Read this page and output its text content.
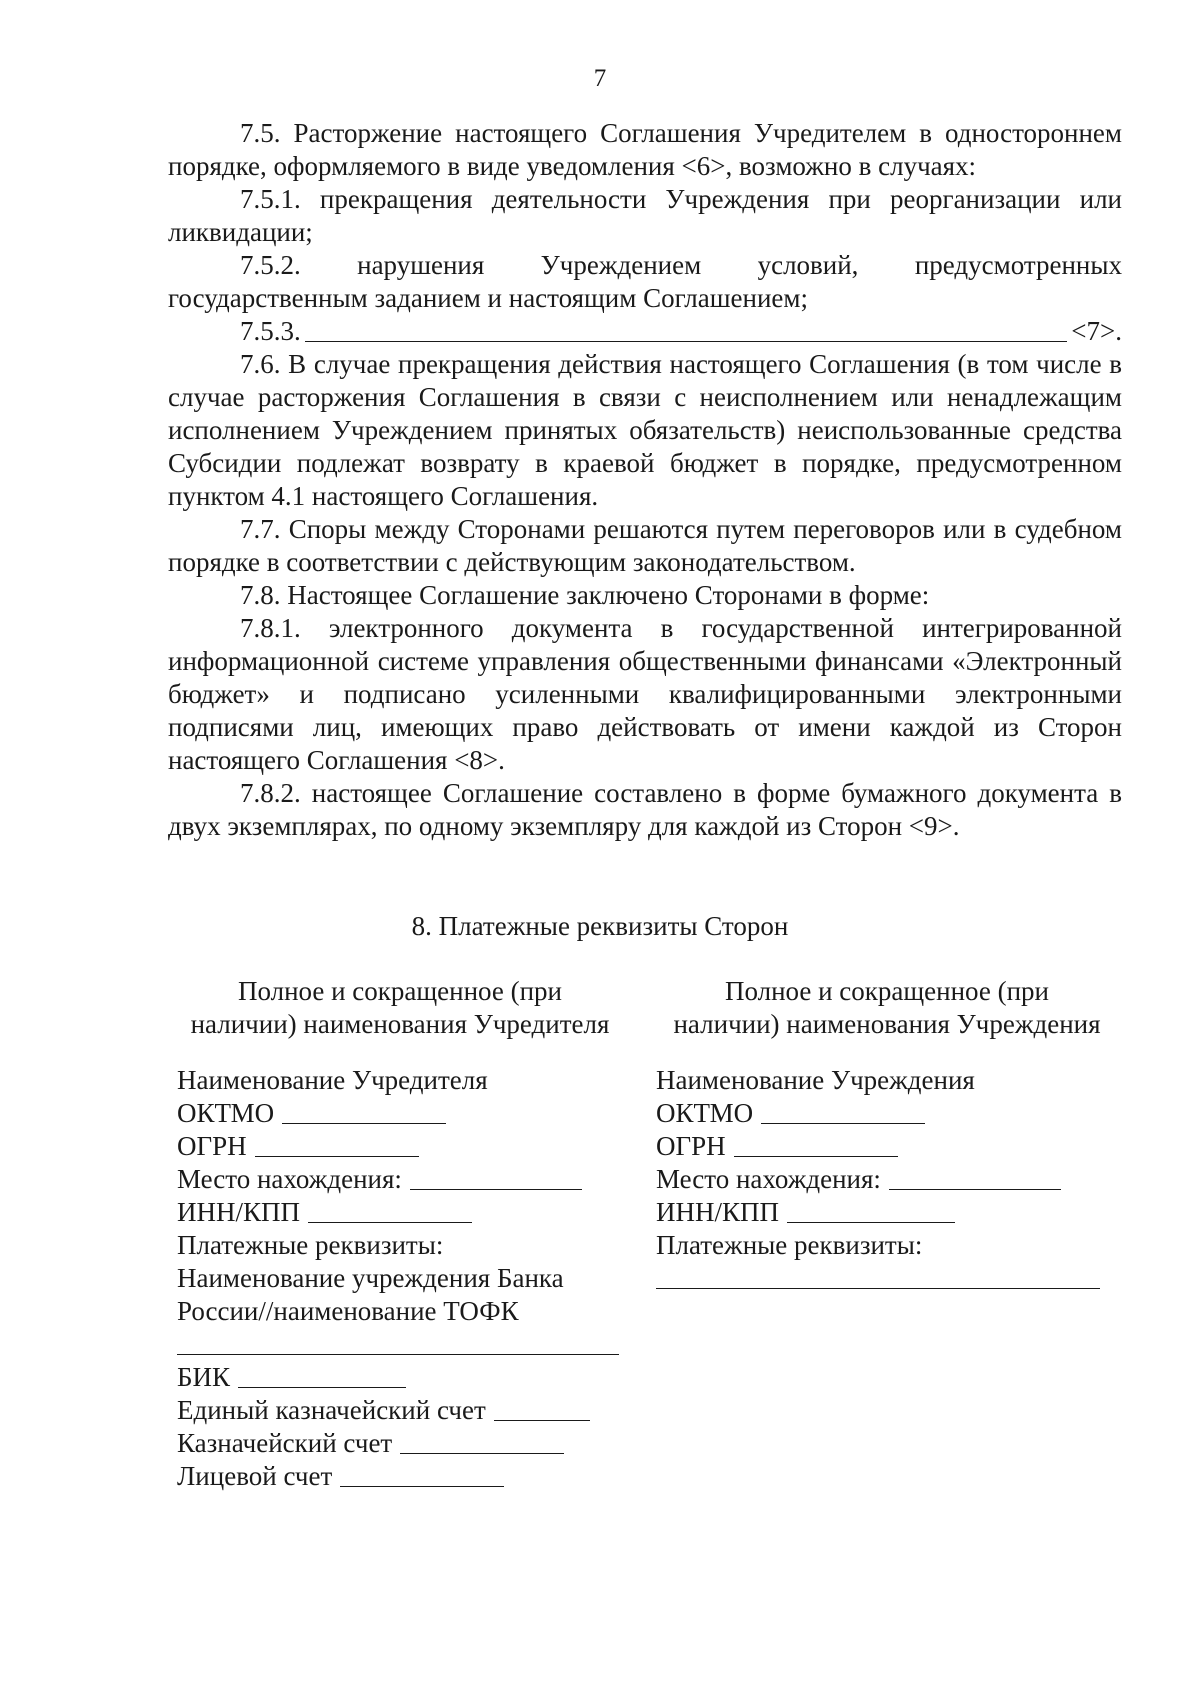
7

7.5. Расторжение настоящего Соглашения Учредителем в одностороннем порядке, оформляемого в виде уведомления <6>, возможно в случаях:

7.5.1. прекращения деятельности Учреждения при реорганизации или ликвидации;

7.5.2. нарушения Учреждением условий, предусмотренных государственным заданием и настоящим Соглашением;

7.5.3.	<7>.

7.6. В случае прекращения действия настоящего Соглашения (в том числе в случае расторжения Соглашения в связи с неисполнением или ненадлежащим исполнением Учреждением принятых обязательств) неиспользованные средства Субсидии подлежат возврату в краевой бюджет в порядке, предусмотренном пунктом 4.1 настоящего Соглашения.

7.7. Споры между Сторонами решаются путем переговоров или в судебном порядке в соответствии с действующим законодательством.

7.8. Настоящее Соглашение заключено Сторонами в форме:

7.8.1. электронного документа в государственной интегрированной информационной системе управления общественными финансами «Электронный бюджет» и подписано усиленными квалифицированными электронными подписями лиц, имеющих право действовать от имени каждой из Сторон настоящего Соглашения <8>.

7.8.2. настоящее Соглашение составлено в форме бумажного документа в двух экземплярах, по одному экземпляру для каждой из Сторон <9>.

8. Платежные реквизиты Сторон
Полное и сокращенное (при
наличии) наименования Учредителя
Полное и сокращенное (при
наличии) наименования Учреждения
Наименование Учредителя
ОКТМО
ОГРН
Место нахождения:
ИНН/КПП
Платежные реквизиты:
Наименование учреждения Банка
России//наименование ТОФК
БИК
Единый казначейский счет
Казначейский счет
Лицевой счет
Наименование Учреждения
ОКТМО
ОГРН
Место нахождения:
ИНН/КПП
Платежные реквизиты:
